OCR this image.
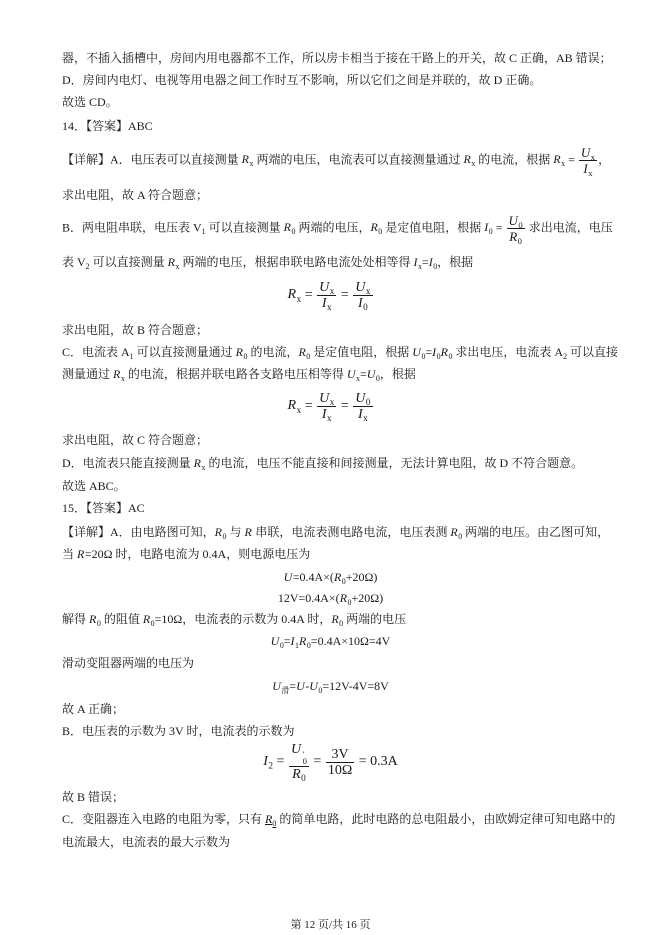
器，不插入插槽中，房间内用电器都不工作，所以房卡相当于接在干路上的开关，故 C 正确，AB 错误；
D．房间内电灯、电视等用电器之间工作时互不影响，所以它们之间是并联的，故 D 正确。
故选 CD。
14．【答案】ABC
【详解】A．电压表可以直接测量 $R_x$ 两端的电压，电流表可以直接测量通过 $R_x$ 的电流，根据 $R_x = \frac{U_x}{I_x}$ ，
求出电阻，故 A 符合题意；
B．两电阻串联，电压表 $V_1$ 可以直接测量 $R_0$ 两端的电压，$R_0$ 是定值电阻，根据 $I_0 = \frac{U_0}{R_0}$ 求出电流，电压
表 $V_2$ 可以直接测量 $R_x$ 两端的电压，根据串联电路电流处处相等得 $I_x=I_0$，根据
$R_x = \frac{U_x}{I_x} = \frac{U_x}{I_0}$
求出电阻，故 B 符合题意；
C．电流表 $A_1$ 可以直接测量通过 $R_0$ 的电流，$R_0$ 是定值电阻，根据 $U_0=I_0R_0$ 求出电压，电流表 $A_2$ 可以直接
测量通过 $R_x$ 的电流，根据并联电路各支路电压相等得 $U_x=U_0$，根据
$R_x = \frac{U_x}{I_x} = \frac{U_0}{I_x}$
求出电阻，故 C 符合题意；
D．电流表只能直接测量 $R_x$ 的电流，电压不能直接和间接测量，无法计算电阻，故 D 不符合题意。
故选 ABC。
15．【答案】AC
【详解】A．由电路图可知，$R_0$ 与 R 串联，电流表测电路电流，电压表测 $R_0$ 两端的电压。由乙图可知，
当 R=20Ω 时，电路电流为 0.4A，则电源电压为
$U=0.4A\times(R_0+20\Omega)$
$12V=0.4A\times(R_0+20\Omega)$
解得 $R_0$ 的阻值 $R_0=10\Omega$，电流表的示数为 0.4A 时，$R_0$ 两端的电压
$U_0=I_1R_0=0.4A\times 10\Omega=4V$
滑动变阻器两端的电压为
$U_滑=U-U_0=12V-4V=8V$
故 A 正确；
B．电压表的示数为 3V 时，电流表的示数为
$I_2 = U$ ′
0
$R_0 = \frac{3V}{10\Omega} = 0.3A$
故 B 错误；
C．变阻器连入电路的电阻为零，只有 $R_0$ 的简单电路，此时电路的总电阻最小，由欧姆定律可知电路中的
电流最大，电流表的最大示数为
第 12 页/共 16 页
